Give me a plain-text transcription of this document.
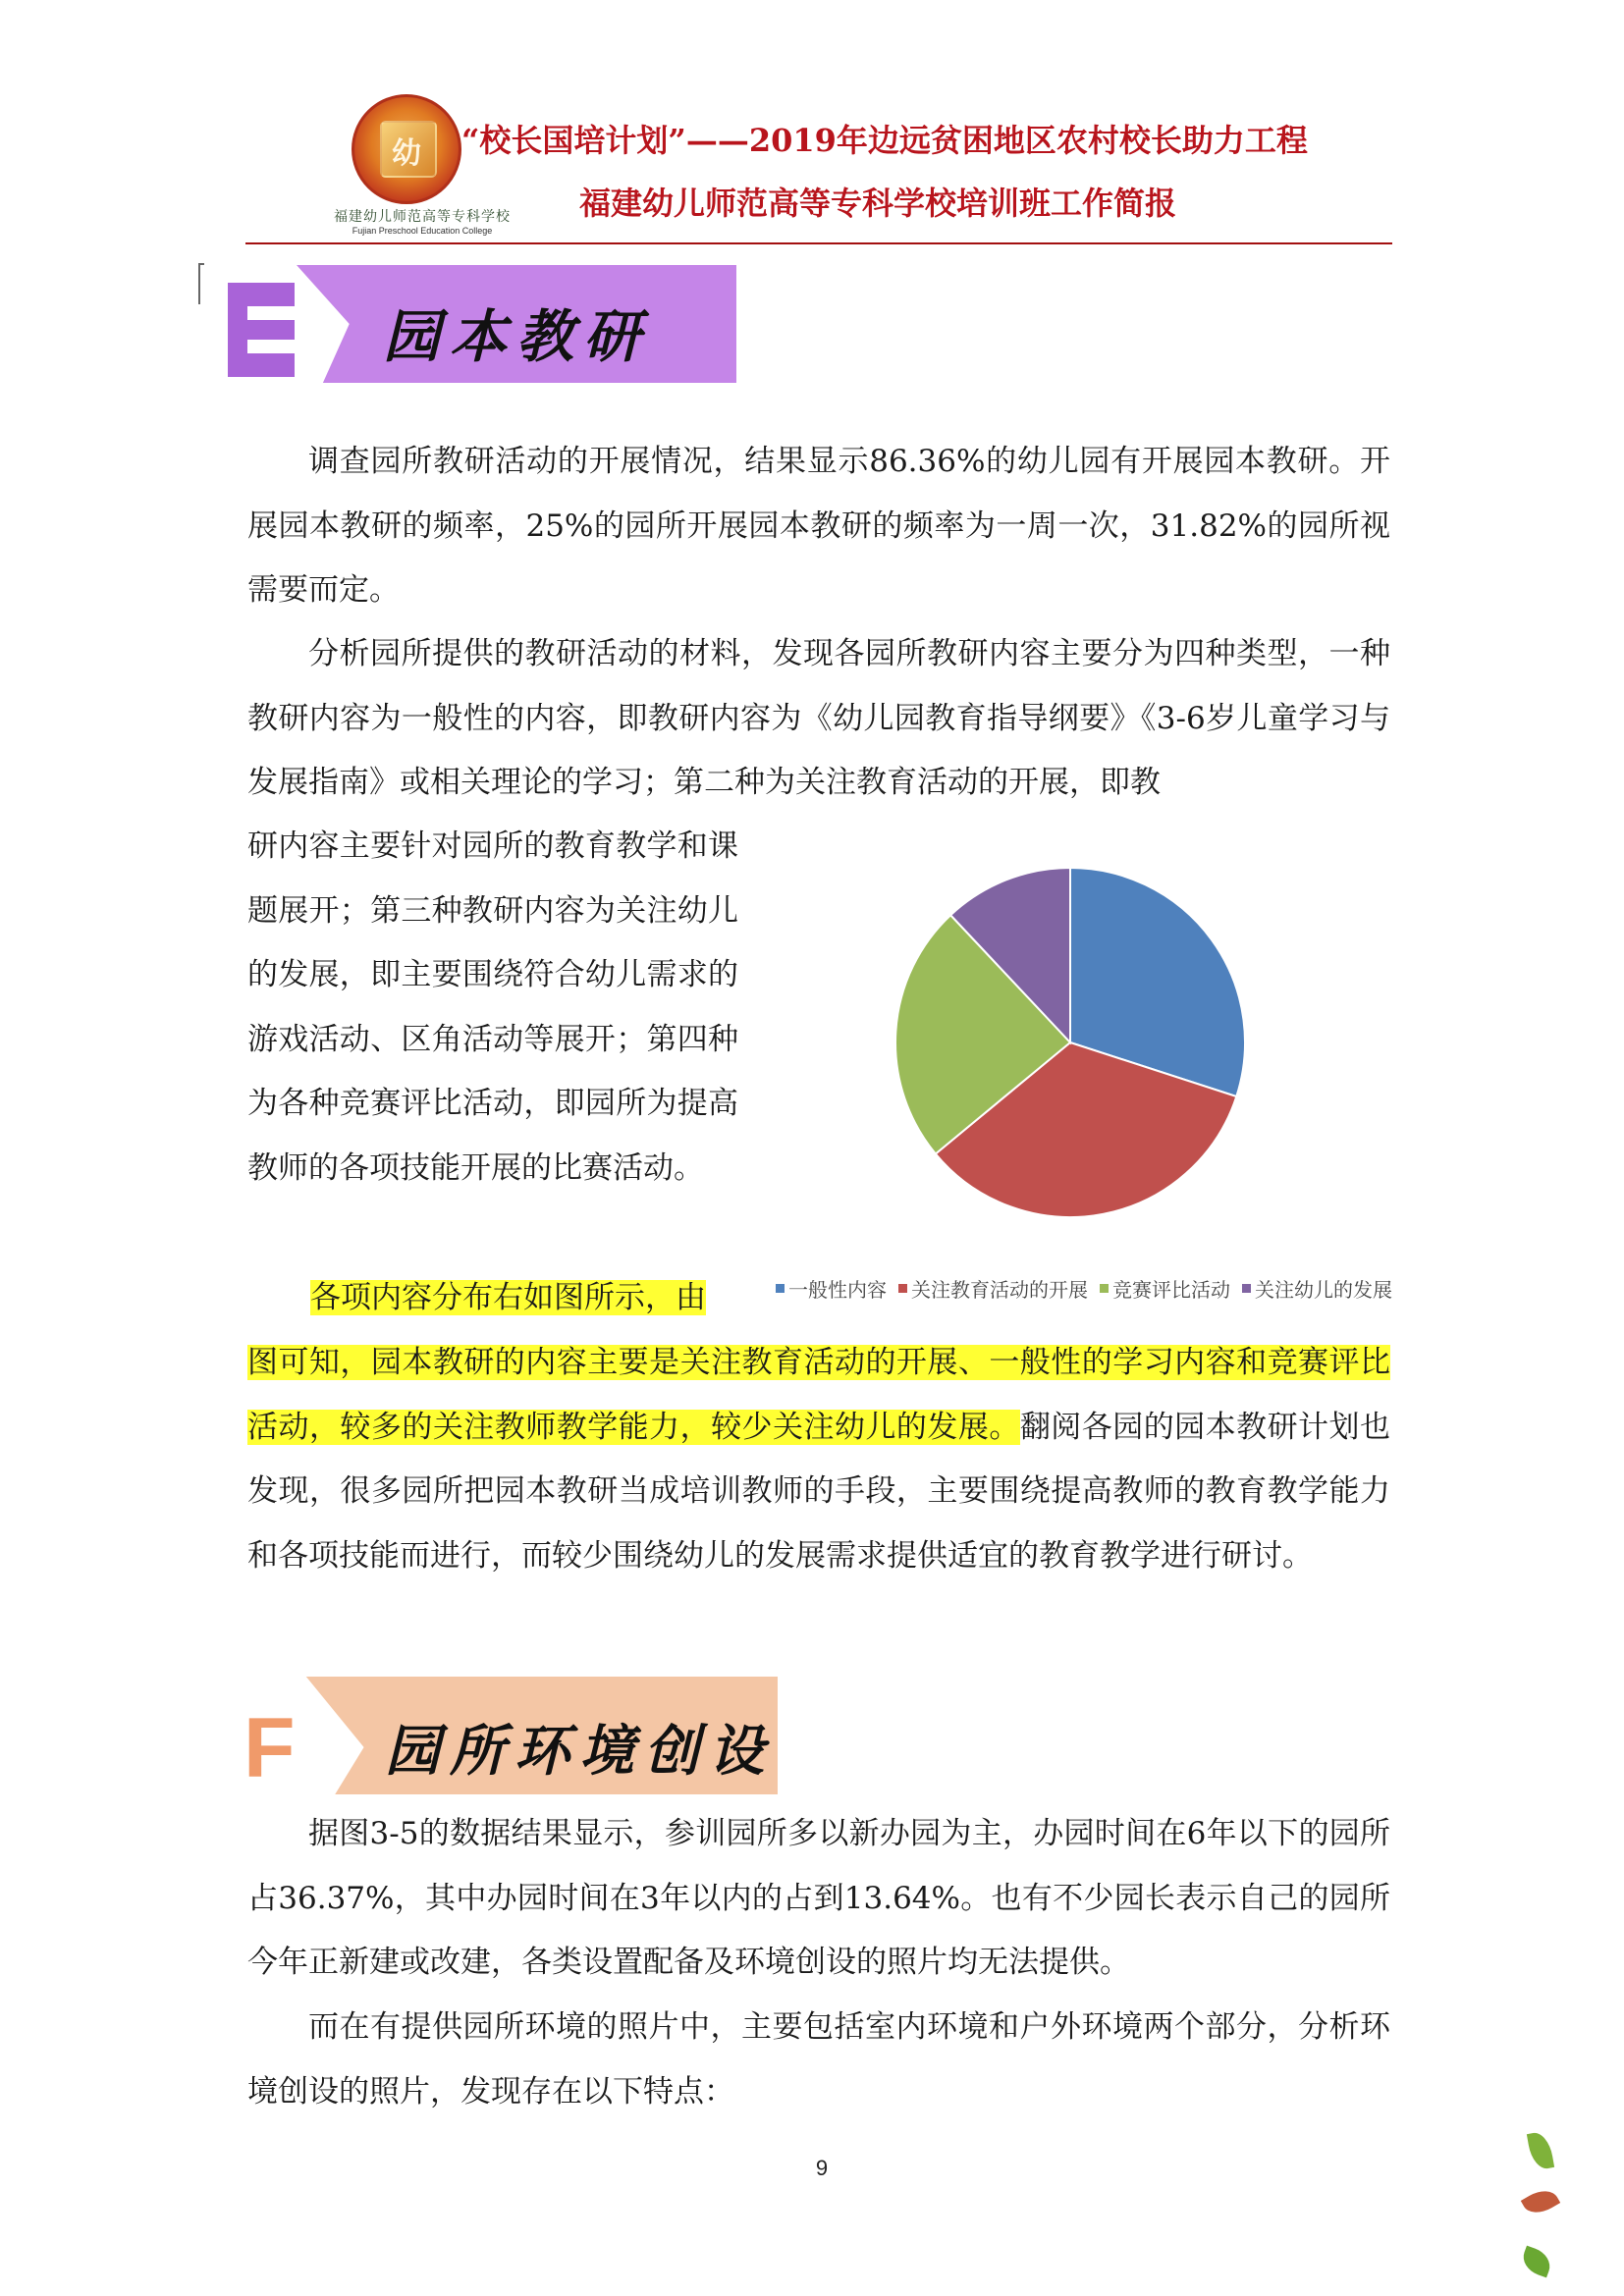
幼
福建幼儿师范高等专科学校
Fujian Preschool Education College
“校长国培计划”——2019年边远贫困地区农村校长助力工程
福建幼儿师范高等专科学校培训班工作简报
园本教研
调查园所教研活动的开展情况，结果显示86.36%的幼儿园有开展园本教研。开展园本教研的频率，25%的园所开展园本教研的频率为一周一次，31.82%的园所视需要而定。
分析园所提供的教研活动的材料，发现各园所教研内容主要分为四种类型，一种教研内容为一般性的内容，即教研内容为《幼儿园教育指导纲要》《3-6岁儿童学习与发展指南》或相关理论的学习；第二种为关注教育活动的开展，即教
研内容主要针对园所的教育教学和课题展开；第三种教研内容为关注幼儿的发展，即主要围绕符合幼儿需求的游戏活动、区角活动等展开；第四种为各种竞赛评比活动，即园所为提高教师的各项技能开展的比赛活动。
各项内容分布右如图所示，由
图可知，园本教研的内容主要是关注教育活动的开展、一般性的学习内容和竞赛评比活动，较多的关注教师教学能力，较少关注幼儿的发展。翻阅各园的园本教研计划也发现，很多园所把园本教研当成培训教师的手段，主要围绕提高教师的教育教学能力和各项技能而进行，而较少围绕幼儿的发展需求提供适宜的教育教学进行研讨。
一般性内容 关注教育活动的开展 竞赛评比活动 关注幼儿的发展
F 园所环境创设
据图3-5的数据结果显示，参训园所多以新办园为主，办园时间在6年以下的园所占36.37%，其中办园时间在3年以内的占到13.64%。也有不少园长表示自己的园所今年正新建或改建，各类设置配备及环境创设的照片均无法提供。
而在有提供园所环境的照片中，主要包括室内环境和户外环境两个部分，分析环境创设的照片，发现存在以下特点：
9
